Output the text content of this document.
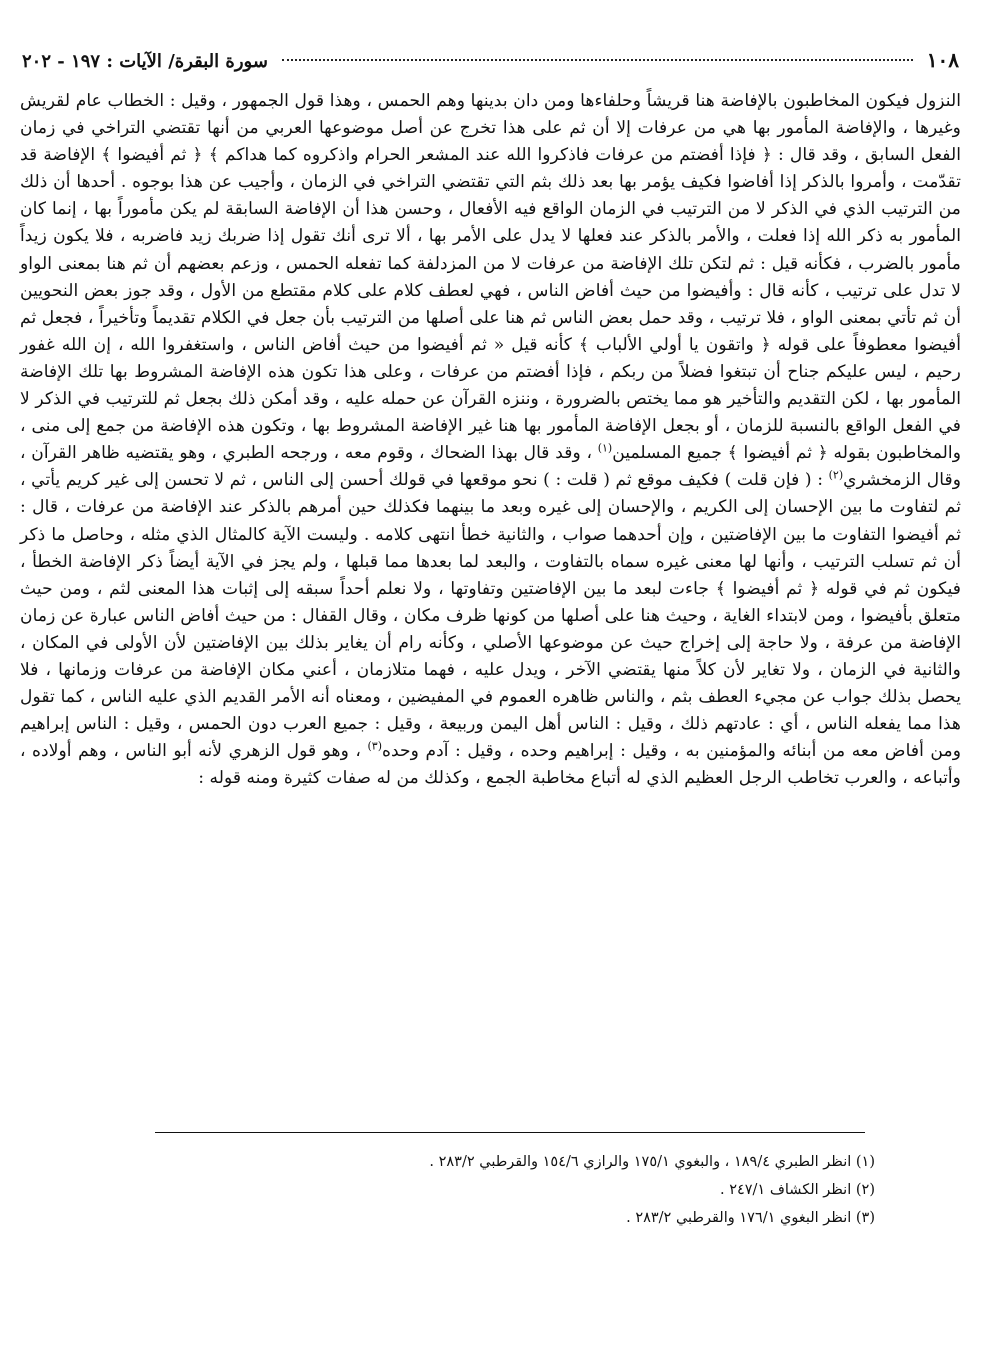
١٠٨
سورة البقرة/ الآيات : ١٩٧ - ٢٠٢

النزول فيكون المخاطبون بالإفاضة هنا قريشاً وحلفاءها ومن دان بدينها وهم الحمس ، وهذا قول الجمهور ، وقيل : الخطاب عام لقريش وغيرها ، والإفاضة المأمور بها هي من عرفات إلا أن ثم على هذا تخرج عن أصل موضوعها العربي من أنها تقتضي التراخي في زمان الفعل السابق ، وقد قال : ﴿ فإذا أفضتم من عرفات فاذكروا الله عند المشعر الحرام واذكروه كما هداكم ﴾ ﴿ ثم أفيضوا ﴾ الإفاضة قد تقدّمت ، وأمروا بالذكر إذا أفاضوا فكيف يؤمر بها بعد ذلك بثم التي تقتضي التراخي في الزمان ، وأجيب عن هذا بوجوه . أحدها أن ذلك من الترتيب الذي في الذكر لا من الترتيب في الزمان الواقع فيه الأفعال ، وحسن هذا أن الإفاضة السابقة لم يكن مأموراً بها ، إنما كان المأمور به ذكر الله إذا فعلت ، والأمر بالذكر عند فعلها لا يدل على الأمر بها ، ألا ترى أنك تقول إذا ضربك زيد فاضربه ، فلا يكون زيداً مأمور بالضرب ، فكأنه قيل : ثم لتكن تلك الإفاضة من عرفات لا من المزدلفة كما تفعله الحمس ، وزعم بعضهم أن ثم هنا بمعنى الواو لا تدل على ترتيب ، كأنه قال : وأفيضوا من حيث أفاض الناس ، فهي لعطف كلام على كلام مقتطع من الأول ، وقد جوز بعض النحويين أن ثم تأتي بمعنى الواو ، فلا ترتيب ، وقد حمل بعض الناس ثم هنا على أصلها من الترتيب بأن جعل في الكلام تقديماً وتأخيراً ، فجعل ثم أفيضوا معطوفاً على قوله ﴿ واتقون يا أولي الألباب ﴾ كأنه قيل « ثم أفيضوا من حيث أفاض الناس ، واستغفروا الله ، إن الله غفور رحيم ، ليس عليكم جناح أن تبتغوا فضلاً من ربكم ، فإذا أفضتم من عرفات ، وعلى هذا تكون هذه الإفاضة المشروط بها تلك الإفاضة المأمور بها ، لكن التقديم والتأخير هو مما يختص بالضرورة ، وننزه القرآن عن حمله عليه ، وقد أمكن ذلك بجعل ثم للترتيب في الذكر لا في الفعل الواقع بالنسبة للزمان ، أو بجعل الإفاضة المأمور بها هنا غير الإفاضة المشروط بها ، وتكون هذه الإفاضة من جمع إلى منى ، والمخاطبون بقوله ﴿ ثم أفيضوا ﴾ جميع المسلمين$^{(١)}$ ، وقد قال بهذا الضحاك ، وقوم معه ، ورجحه الطبري ، وهو يقتضيه ظاهر القرآن ، وقال الزمخشري$^{(٢)}$ : ( فإن قلت ) فكيف موقع ثم ( قلت : ) نحو موقعها في قولك أحسن إلى الناس ، ثم لا تحسن إلى غير كريم يأتي ، ثم لتفاوت ما بين الإحسان إلى الكريم ، والإحسان إلى غيره وبعد ما بينهما فكذلك حين أمرهم بالذكر عند الإفاضة من عرفات ، قال : ثم أفيضوا التفاوت ما بين الإفاضتين ، وإن أحدهما صواب ، والثانية خطأ انتهى كلامه . وليست الآية كالمثال الذي مثله ، وحاصل ما ذكر أن ثم تسلب الترتيب ، وأنها لها معنى غيره سماه بالتفاوت ، والبعد لما بعدها مما قبلها ، ولم يجز في الآية أيضاً ذكر الإفاضة الخطأ ، فيكون ثم في قوله ﴿ ثم أفيضوا ﴾ جاءت لبعد ما بين الإفاضتين وتفاوتها ، ولا نعلم أحداً سبقه إلى إثبات هذا المعنى لثم ، ومن حيث متعلق بأفيضوا ، ومن لابتداء الغاية ، وحيث هنا على أصلها من كونها ظرف مكان ، وقال القفال : من حيث أفاض الناس عبارة عن زمان الإفاضة من عرفة ، ولا حاجة إلى إخراج حيث عن موضوعها الأصلي ، وكأنه رام أن يغاير بذلك بين الإفاضتين لأن الأولى في المكان ، والثانية في الزمان ، ولا تغاير لأن كلاً منها يقتضي الآخر ، ويدل عليه ، فهما متلازمان ، أعني مكان الإفاضة من عرفات وزمانها ، فلا يحصل بذلك جواب عن مجيء العطف بثم ، والناس ظاهره العموم في المفيضين ، ومعناه أنه الأمر القديم الذي عليه الناس ، كما تقول هذا مما يفعله الناس ، أي : عادتهم ذلك ، وقيل : الناس أهل اليمن وربيعة ، وقيل : جميع العرب دون الحمس ، وقيل : الناس إبراهيم ومن أفاض معه من أبنائه والمؤمنين به ، وقيل : إبراهيم وحده ، وقيل : آدم وحده$^{(٣)}$ ، وهو قول الزهري لأنه أبو الناس ، وهم أولاده ، وأتباعه ، والعرب تخاطب الرجل العظيم الذي له أتباع مخاطبة الجمع ، وكذلك من له صفات كثيرة ومنه قوله :

(١) انظر الطبري ١٨٩/٤ ، والبغوي ١٧٥/١ والرازي ١٥٤/٦ والقرطبي ٢٨٣/٢ .
(٢) انظر الكشاف ٢٤٧/١ .
(٣) انظر البغوي ١٧٦/١ والقرطبي ٢٨٣/٢ .
